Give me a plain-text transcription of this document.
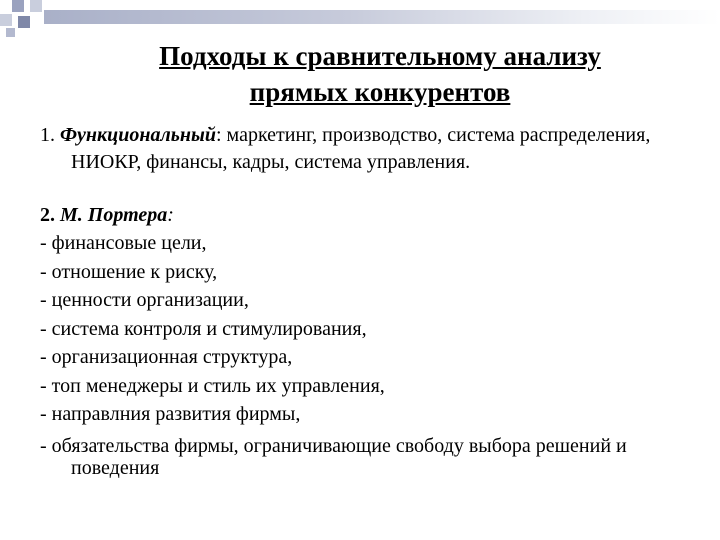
Подходы к сравнительному анализу
прямых конкурентов

1. Функциональный: маркетинг, производство, система распределения, НИОКР, финансы, кадры, система управления.

2. М. Портера:
- финансовые цели,
- отношение к риску,
- ценности организации,
- система контроля и стимулирования,
- организационная структура,
- топ менеджеры и стиль их управления,
- направлния развития фирмы,
- обязательства фирмы, ограничивающие свободу выбора решений и поведения
